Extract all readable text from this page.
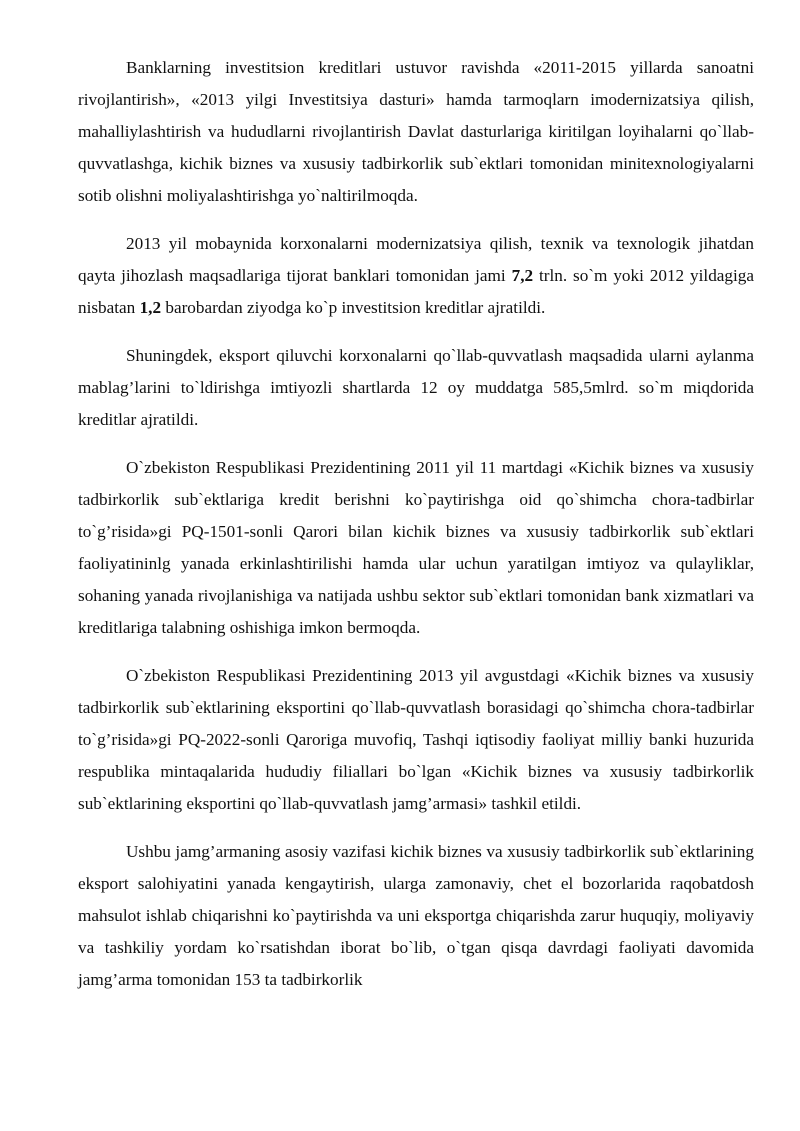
Banklarning investitsion kreditlari ustuvor ravishda «2011-2015 yillarda sanoatni rivojlantirish», «2013 yilgi Investitsiya dasturi» hamda tarmoqlarn imodernizatsiya qilish, mahalliylashtirish va hududlarni rivojlantirish Davlat dasturlariga kiritilgan loyihalarni qo`llab-quvvatlashga, kichik biznes va xususiy tadbirkorlik sub`ektlari tomonidan minitexnologiyalarni sotib olishni moliyalashtirishga yo`naltirilmoqda.

2013 yil mobaynida korxonalarni modernizatsiya qilish, texnik va texnologik jihatdan qayta jihozlash maqsadlariga tijorat banklari tomonidan jami 7,2 trln. so`m yoki 2012 yildagiga nisbatan 1,2 barobardan ziyodga ko`p investitsion kreditlar ajratildi.

Shuningdek, eksport qiluvchi korxonalarni qo`llab-quvvatlash maqsadida ularni aylanma mablag’larini to`ldirishga imtiyozli shartlarda 12 oy muddatga 585,5mlrd. so`m miqdorida kreditlar ajratildi.

O`zbekiston Respublikasi Prezidentining 2011 yil 11 martdagi «Kichik biznes va xususiy tadbirkorlik sub`ektlariga kredit berishni ko`paytirishga oid qo`shimcha chora-tadbirlar to`g’risida»gi PQ-1501-sonli Qarori bilan kichik biznes va xususiy tadbirkorlik sub`ektlari faoliyatininlg yanada erkinlashtirilishi hamda ular uchun yaratilgan imtiyoz va qulayliklar, sohaning yanada rivojlanishiga va natijada ushbu sektor sub`ektlari tomonidan bank xizmatlari va kreditlariga talabning oshishiga imkon bermoqda.

O`zbekiston Respublikasi Prezidentining 2013 yil avgustdagi «Kichik biznes va xususiy tadbirkorlik sub`ektlarining eksportini qo`llab-quvvatlash borasidagi qo`shimcha chora-tadbirlar to`g’risida»gi PQ-2022-sonli Qaroriga muvofiq, Tashqi iqtisodiy faoliyat milliy banki huzurida respublika mintaqalarida hududiy filiallari bo`lgan «Kichik biznes va xususiy tadbirkorlik sub`ektlarining eksportini qo`llab-quvvatlash jamg’armasi» tashkil etildi.

Ushbu jamg’armaning asosiy vazifasi kichik biznes va xususiy tadbirkorlik sub`ektlarining eksport salohiyatini yanada kengaytirish, ularga zamonaviy, chet el bozorlarida raqobatdosh mahsulot ishlab chiqarishni ko`paytirishda va uni eksportga chiqarishda zarur huquqiy, moliyaviy va tashkiliy yordam ko`rsatishdan iborat bo`lib, o`tgan qisqa davrdagi faoliyati davomida jamg’arma tomonidan 153 ta tadbirkorlik
